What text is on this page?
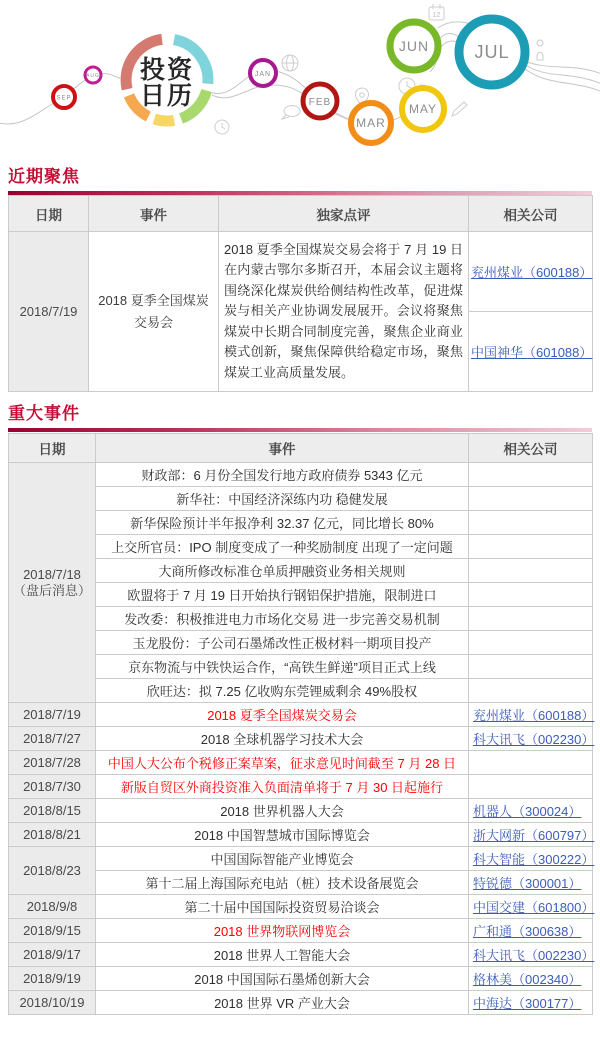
12
投资
日历
SEP
AUG	JAN
FEB
MAR
MAY
JUN	JUL
近期聚焦
日期	事件	独家点评	相关公司
2018/7/19	2018 夏季全国煤炭交易会	2018 夏季全国煤炭交易会将于 7 月 19 日在内蒙古鄂尔多斯召开，本届会议主题将围绕深化煤炭供给侧结构性改革，促进煤炭与相关产业协调发展展开。会议将聚焦煤炭中长期合同制度完善，聚焦企业商业模式创新，聚焦保障供给稳定市场，聚焦煤炭工业高质量发展。	兖州煤业（600188）
			中国神华（601088）
重大事件
日期	事件	相关公司

2018/7/18
（盘后消息）	财政部：6 月份全国发行地方政府债券 5343 亿元	
	新华社：中国经济深练内功 稳健发展	
	新华保险预计半年报净利 32.37 亿元，同比增长 80%	
	上交所官员：IPO 制度变成了一种奖励制度 出现了一定问题	
	大商所修改标准仓单质押融资业务相关规则	
	欧盟将于 7 月 19 日开始执行钢铝保护措施，限制进口	
	发改委：积极推进电力市场化交易 进一步完善交易机制	
	玉龙股份：子公司石墨烯改性正极材料一期项目投产	
	京东物流与中铁快运合作，“高铁生鲜递”项目正式上线	
	欣旺达：拟 7.25 亿收购东莞锂威剩余 49%股权	

2018/7/19	2018 夏季全国煤炭交易会	兖州煤业（600188）

2018/7/27	2018 全球机器学习技术大会	科大讯飞（002230）

2018/7/28	中国人大公布个税修正案草案，征求意见时间截至 7 月 28 日	

2018/7/30	新版自贸区外商投资准入负面清单将于 7 月 30 日起施行	

2018/8/15	2018 世界机器人大会	机器人（300024）

2018/8/21	2018 中国智慧城市国际博览会	浙大网新（600797）

2018/8/23	中国国际智能产业博览会	科大智能（300222）
	第十二届上海国际充电站（桩）技术设备展览会	特锐德（300001）

2018/9/8	第二十届中国国际投资贸易洽谈会	中国交建（601800）

2018/9/15	2018 世界物联网博览会	广和通（300638）

2018/9/17	2018 世界人工智能大会	科大讯飞（002230）

2018/9/19	2018 中国国际石墨烯创新大会	格林美（002340）

2018/10/19	2018 世界 VR 产业大会	中海达（300177）
